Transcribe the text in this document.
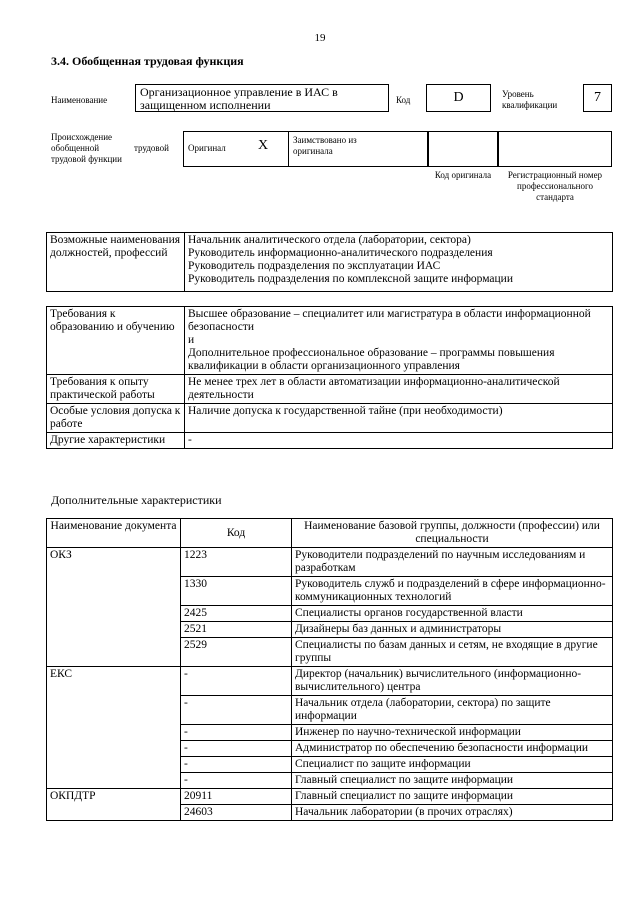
19
3.4. Обобщенная трудовая функция
Наименование
Организационное управление в ИАС в защищенном исполнении	Код	D	Уровень квалификации	7
Происхождение обобщенной трудовой функции
трудовой Оригинал X	Заимствовано из оригинала
Код оригинала	Регистрационный номер профессионального стандарта
Возможные наименования должностей, профессий	
Начальник аналитического отдела (лаборатории, сектора)
Руководитель информационно-аналитического подразделения
Руководитель подразделения по эксплуатации ИАС
Руководитель подразделения по комплексной защите информации
Требования к образованию и обучению	Высшее образование – специалитет или магистратура в области информационной безопасности
и
Дополнительное профессиональное образование – программы повышения квалификации в области организационного управления

Требования к опыту практической работы	Не менее трех лет в области автоматизации информационно-аналитической деятельности

Особые условия допуска к работе	Наличие допуска к государственной тайне (при необходимости)

Другие характеристики	-
Дополнительные характеристики
Наименование документа	Код	Наименование базовой группы, должности (профессии) или специальности
ОКЗ	1223	Руководители подразделений по научным исследованиям и разработкам
	1330	Руководитель служб и подразделений в сфере информационно-коммуникационных технологий
	2425	Специалисты органов государственной власти
	2521	Дизайнеры баз данных и администраторы
	2529	Специалисты по базам данных и сетям, не входящие в другие группы
ЕКС	-	Директор (начальник) вычислительного (информационно-вычислительного) центра
	-	Начальник отдела (лаборатории, сектора) по защите информации
	-	Инженер по научно-технической информации
	-	Администратор по обеспечению безопасности информации
	-	Специалист по защите информации
	-	Главный специалист по защите информации
ОКПДТР	20911	Главный специалист по защите информации
	24603	Начальник лаборатории (в прочих отраслях)
